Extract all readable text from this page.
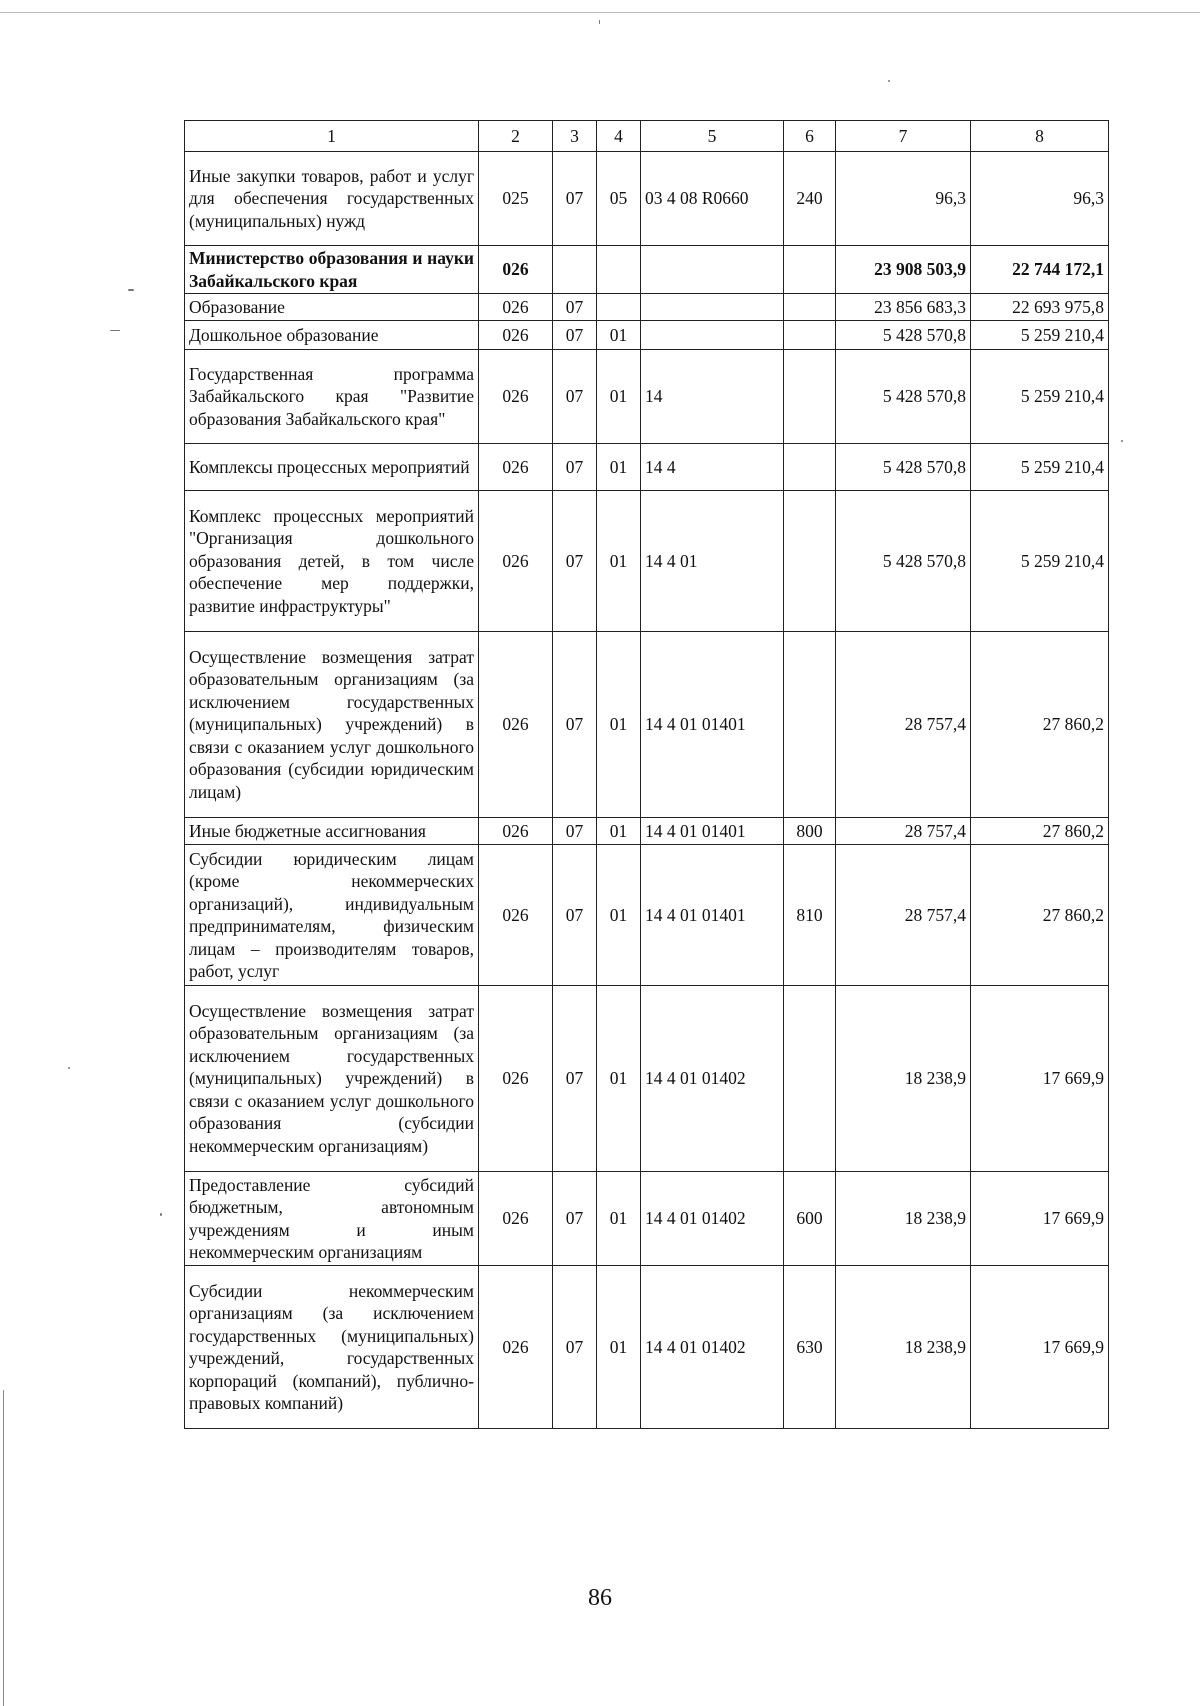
1	2	3	4	5	6	7	8
Иные закупки товаров, работ и услуг для обеспечения государственных (муниципальных) нужд	025	07	05	03 4 08 R0660	240	96,3	96,3
Министерство образования и науки Забайкальского края	026					23 908 503,9	22 744 172,1
Образование	026	07				23 856 683,3	22 693 975,8
Дошкольное образование	026	07	01			5 428 570,8	5 259 210,4
Государственная программа Забайкальского края "Развитие образования Забайкальского края"	026	07	01	14		5 428 570,8	5 259 210,4
Комплексы процессных мероприятий	026	07	01	14 4		5 428 570,8	5 259 210,4
Комплекс процессных мероприятий "Организация дошкольного образования детей, в том числе обеспечение мер поддержки, развитие инфраструктуры"	026	07	01	14 4 01		5 428 570,8	5 259 210,4
Осуществление возмещения затрат образовательным организациям (за исключением государственных (муниципальных) учреждений) в связи с оказанием услуг дошкольного образования (субсидии юридическим лицам)	026	07	01	14 4 01 01401		28 757,4	27 860,2
Иные бюджетные ассигнования	026	07	01	14 4 01 01401	800	28 757,4	27 860,2
Субсидии юридическим лицам (кроме некоммерческих организаций), индивидуальным предпринимателям, физическим лицам – производителям товаров, работ, услуг	026	07	01	14 4 01 01401	810	28 757,4	27 860,2
Осуществление возмещения затрат образовательным организациям (за исключением государственных (муниципальных) учреждений) в связи с оказанием услуг дошкольного образования (субсидии некоммерческим организациям)	026	07	01	14 4 01 01402		18 238,9	17 669,9
Предоставление субсидий бюджетным, автономным учреждениям и иным некоммерческим организациям	026	07	01	14 4 01 01402	600	18 238,9	17 669,9
Субсидии некоммерческим организациям (за исключением государственных (муниципальных) учреждений, государственных корпораций (компаний), публично-правовых компаний)	026	07	01	14 4 01 01402	630	18 238,9	17 669,9
86
